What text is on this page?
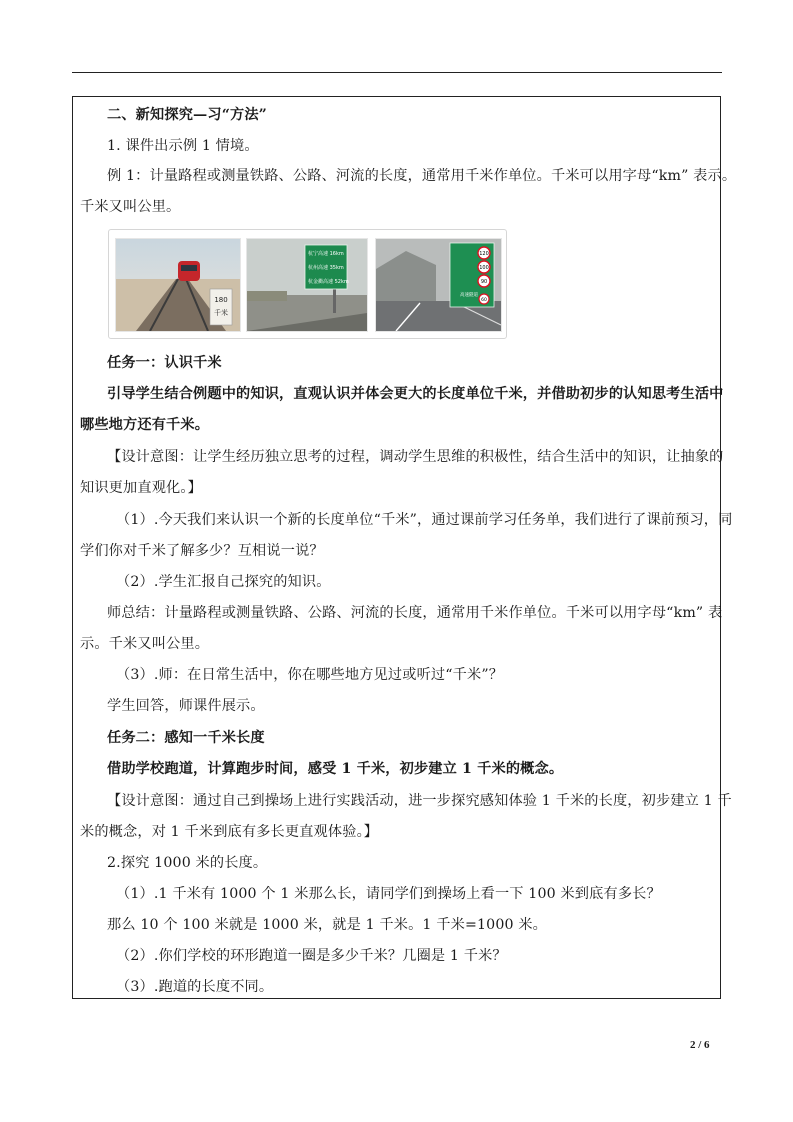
二、新知探究—习“方法”
1. 课件出示例 1 情境。
例 1：计量路程或测量铁路、公路、河流的长度，通常用千米作单位。千米可以用字母“km” 表示。
千米又叫公里。
180
千米
杭宁高速 16km
杭州高速 35km
杭金衢高速 52km
120
100
90
高速隧道
60
任务一：认识千米
引导学生结合例题中的知识，直观认识并体会更大的长度单位千米，并借助初步的认知思考生活中
哪些地方还有千米。
【设计意图：让学生经历独立思考的过程，调动学生思维的积极性，结合生活中的知识，让抽象的
知识更加直观化。】
（1）.今天我们来认识一个新的长度单位“千米”，通过课前学习任务单，我们进行了课前预习，同
学们你对千米了解多少？互相说一说？
（2）.学生汇报自己探究的知识。
师总结：计量路程或测量铁路、公路、河流的长度，通常用千米作单位。千米可以用字母“km” 表
示。千米又叫公里。
（3）.师：在日常生活中，你在哪些地方见过或听过“千米”？
学生回答，师课件展示。
任务二：感知一千米长度
借助学校跑道，计算跑步时间，感受 1 千米，初步建立 1 千米的概念。
【设计意图：通过自己到操场上进行实践活动，进一步探究感知体验 1 千米的长度，初步建立 1 千
米的概念，对 1 千米到底有多长更直观体验。】
2.探究 1000 米的长度。
（1）.1 千米有 1000 个 1 米那么长，请同学们到操场上看一下 100 米到底有多长？
那么 10 个 100 米就是 1000 米，就是 1 千米。1 千米=1000 米。
（2）.你们学校的环形跑道一圈是多少千米？几圈是 1 千米？
（3）.跑道的长度不同。
2 / 6
